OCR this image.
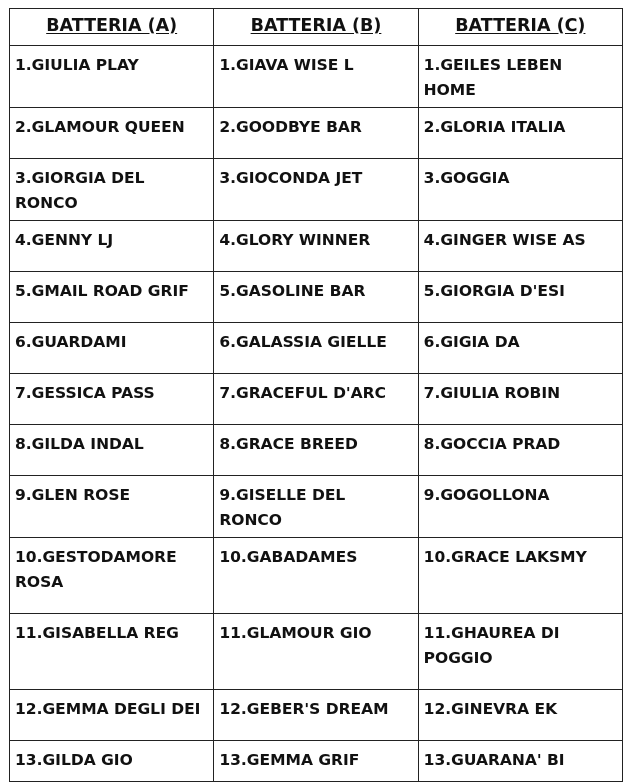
BATTERIA (A)	BATTERIA (B)	BATTERIA (C)
1.GIULIA PLAY	1.GIAVA WISE L	1.GEILES LEBEN HOME
2.GLAMOUR QUEEN	2.GOODBYE BAR	2.GLORIA ITALIA
3.GIORGIA DEL RONCO	3.GIOCONDA JET	3.GOGGIA
4.GENNY LJ	4.GLORY WINNER	4.GINGER WISE AS
5.GMAIL ROAD GRIF	5.GASOLINE BAR	5.GIORGIA D'ESI
6.GUARDAMI	6.GALASSIA GIELLE	6.GIGIA DA
7.GESSICA PASS	7.GRACEFUL D'ARC	7.GIULIA ROBIN
8.GILDA INDAL	8.GRACE BREED	8.GOCCIA PRAD
9.GLEN ROSE	9.GISELLE DEL RONCO	9.GOGOLLONA
10.GESTODAMORE ROSA	10.GABADAMES	10.GRACE LAKSMY
11.GISABELLA REG	11.GLAMOUR GIO	11.GHAUREA DI POGGIO
12.GEMMA DEGLI DEI	12.GEBER'S DREAM	12.GINEVRA EK
13.GILDA GIO	13.GEMMA GRIF	13.GUARANA' BI
